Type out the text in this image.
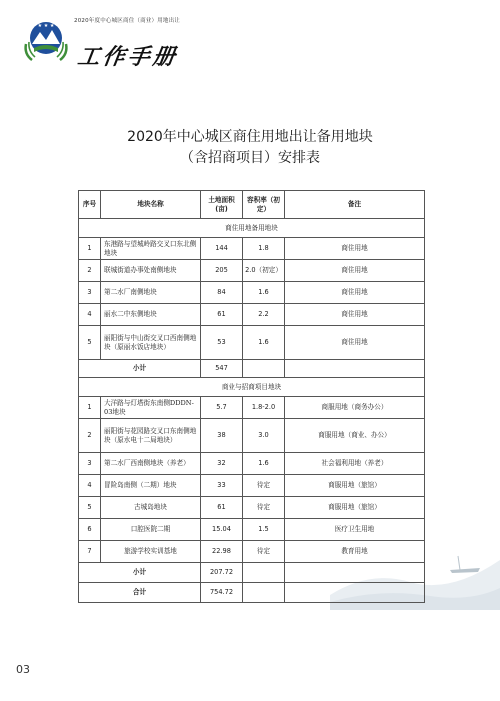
★ ★ ★
2020年度中心城区商住（商业）用地出让
工作手册
2020年中心城区商住用地出让备用地块
（含招商项目）安排表
序号	地块名称	土地面积(亩)	容积率（初定）	备注
商住用地备用地块				
1	东港路与望城岭路交叉口东北侧地块	144	1.8	商住用地
2	联城街道办事处南侧地块	205	2.0（初定）	商住用地
3	第二水厂南侧地块	84	1.6	商住用地
4	丽水二中东侧地块	61	2.2	商住用地
5	丽阳街与中山街交叉口西南侧地块（原丽水饭店地块）	53	1.6	商住用地
小计		547		
商业与招商项目地块				
1	大洋路与灯塔街东南侧DDDN-03地块	5.7	1.8-2.0	商服用地（商务办公）
2	丽阳街与花园路交叉口东南侧地块（原水电十二局地块）	38	3.0	商服用地（商业、办公）
3	第二水厂西南侧地块（养老）	32	1.6	社会福利用地（养老）
4	冒险岛南侧（二期）地块	33	待定	商服用地（旅馆）
5	古城岛地块	61	待定	商服用地（旅馆）
6	口腔医院二期	15.04	1.5	医疗卫生用地
7	旅游学校实训基地	22.98	待定	教育用地
小计		207.72		
合计		754.72		
03
